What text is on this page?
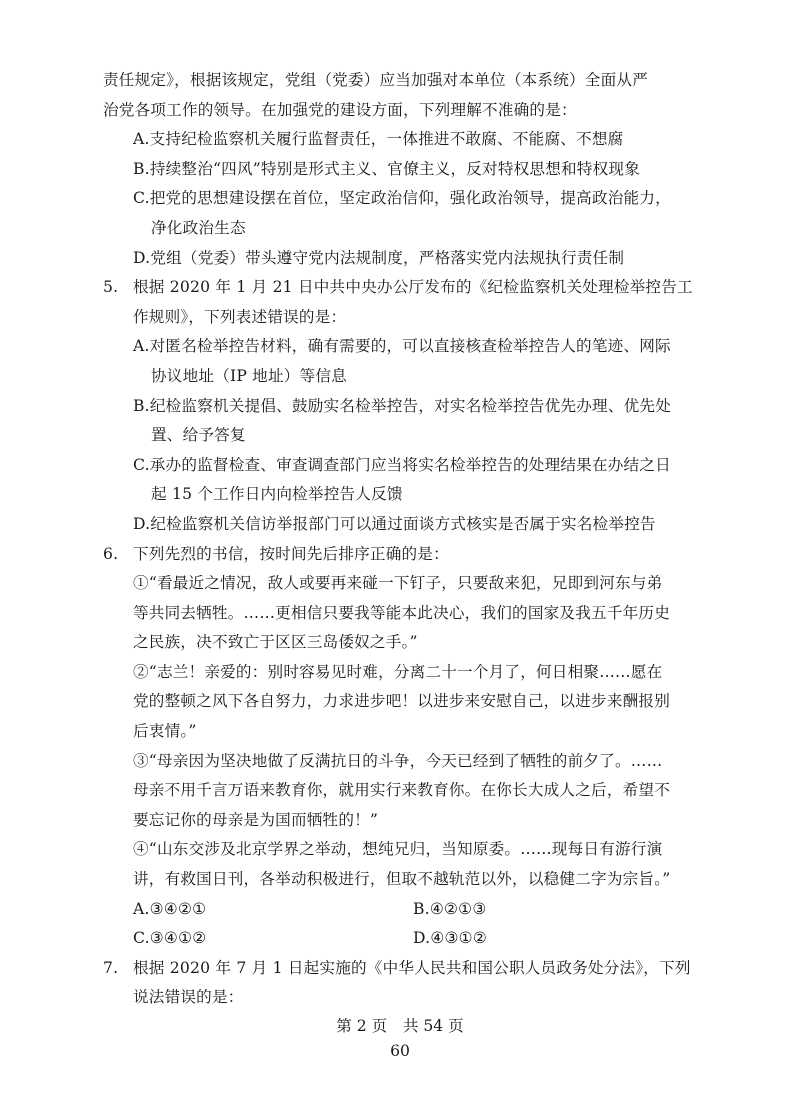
责任规定》，根据该规定，党组（党委）应当加强对本单位（本系统）全面从严
治党各项工作的领导。在加强党的建设方面，下列理解不准确的是：
A.支持纪检监察机关履行监督责任，一体推进不敢腐、不能腐、不想腐
B.持续整治“四风”特别是形式主义、官僚主义，反对特权思想和特权现象
C.把党的思想建设摆在首位，坚定政治信仰，强化政治领导，提高政治能力，
净化政治生态
D.党组（党委）带头遵守党内法规制度，严格落实党内法规执行责任制
5. 根据 2020 年 1 月 21 日中共中央办公厅发布的《纪检监察机关处理检举控告工
作规则》，下列表述错误的是：
A.对匿名检举控告材料，确有需要的，可以直接核查检举控告人的笔迹、网际
协议地址（IP 地址）等信息
B.纪检监察机关提倡、鼓励实名检举控告，对实名检举控告优先办理、优先处
置、给予答复
C.承办的监督检查、审查调查部门应当将实名检举控告的处理结果在办结之日
起 15 个工作日内向检举控告人反馈
D.纪检监察机关信访举报部门可以通过面谈方式核实是否属于实名检举控告
6. 下列先烈的书信，按时间先后排序正确的是：
①“看最近之情况，敌人或要再来碰一下钉子，只要敌来犯，兄即到河东与弟
等共同去牺牲。……更相信只要我等能本此决心，我们的国家及我五千年历史
之民族，决不致亡于区区三岛倭奴之手。”
②“志兰！亲爱的：别时容易见时难，分离二十一个月了，何日相聚……愿在
党的整顿之风下各自努力，力求进步吧！以进步来安慰自己，以进步来酬报别
后衷情。”
③“母亲因为坚决地做了反满抗日的斗争，今天已经到了牺牲的前夕了。……
母亲不用千言万语来教育你，就用实行来教育你。在你长大成人之后，希望不
要忘记你的母亲是为国而牺牲的！”
④“山东交涉及北京学界之举动，想纯兄归，当知原委。……现每日有游行演
讲，有救国日刊，各举动积极进行，但取不越轨范以外，以稳健二字为宗旨。”
A.③④②①	B.④②①③
C.③④①②	D.④③①②
7. 根据 2020 年 7 月 1 日起实施的《中华人民共和国公职人员政务处分法》，下列
说法错误的是：
第 2 页　共 54 页
60
